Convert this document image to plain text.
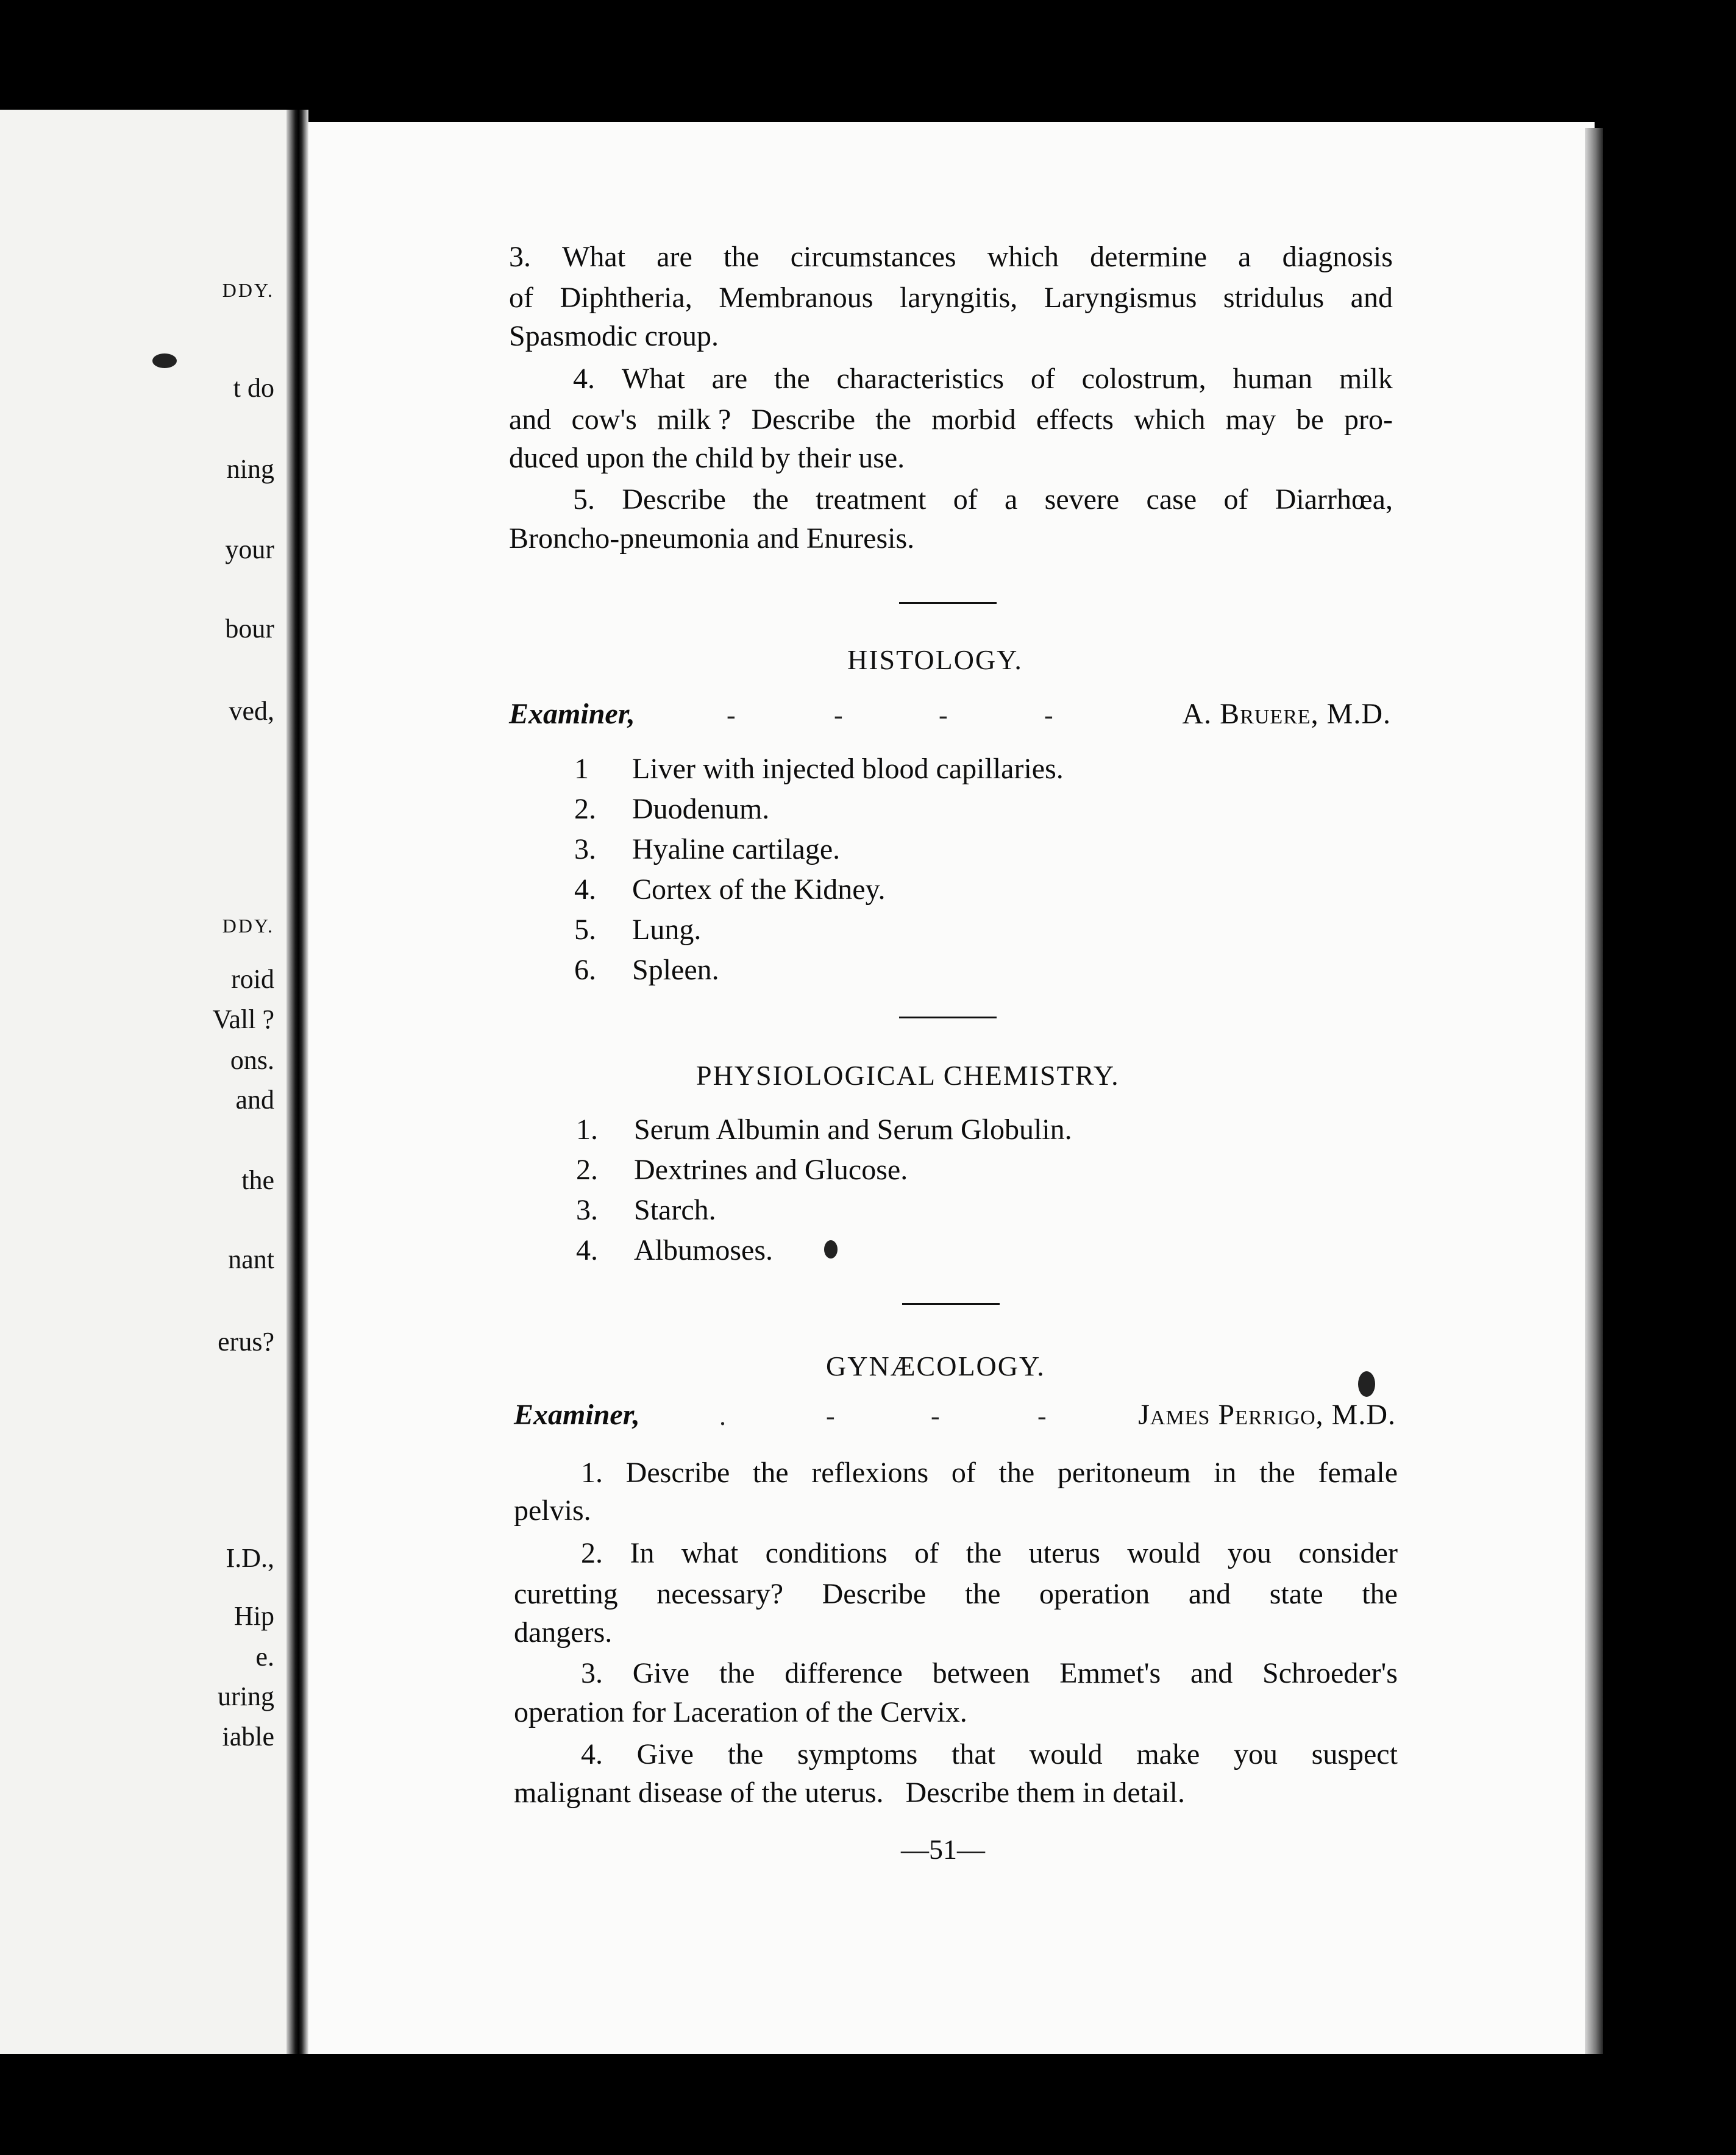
DDY.
t do
ning
your
bour
ved,
DDY.
roid
Vall ?
ons.
and
the
nant
erus?
I.D.,
Hip
e.
uring
iable
3. What are the circumstances which determine a diagnosis
of Diphtheria, Membranous laryngitis, Laryngismus stridulus and
Spasmodic croup.
4. What are the characteristics of colostrum, human milk
and cow's milk ? Describe the morbid effects which may be pro-
duced upon the child by their use.
5. Describe the treatment of a severe case of Diarrhœa,
Broncho-pneumonia and Enuresis.
HISTOLOGY.
Examiner,	-	-	-	-	A. Bruere, M.D.
1 Liver with injected blood capillaries.
2. Duodenum.
3. Hyaline cartilage.
4. Cortex of the Kidney.
5. Lung.
6. Spleen.
PHYSIOLOGICAL CHEMISTRY.
1. Serum Albumin and Serum Globulin.
2. Dextrines and Glucose.
3. Starch.
4. Albumoses.
GYNÆCOLOGY.
Examiner,	.	-	-	-	James Perrigo, M.D.
1. Describe the reflexions of the peritoneum in the female
pelvis.
2. In what conditions of the uterus would you consider
curetting necessary? Describe the operation and state the
dangers.
3. Give the difference between Emmet's and Schroeder's
operation for Laceration of the Cervix.
4. Give the symptoms that would make you suspect
malignant disease of the uterus.   Describe them in detail.
—51—
